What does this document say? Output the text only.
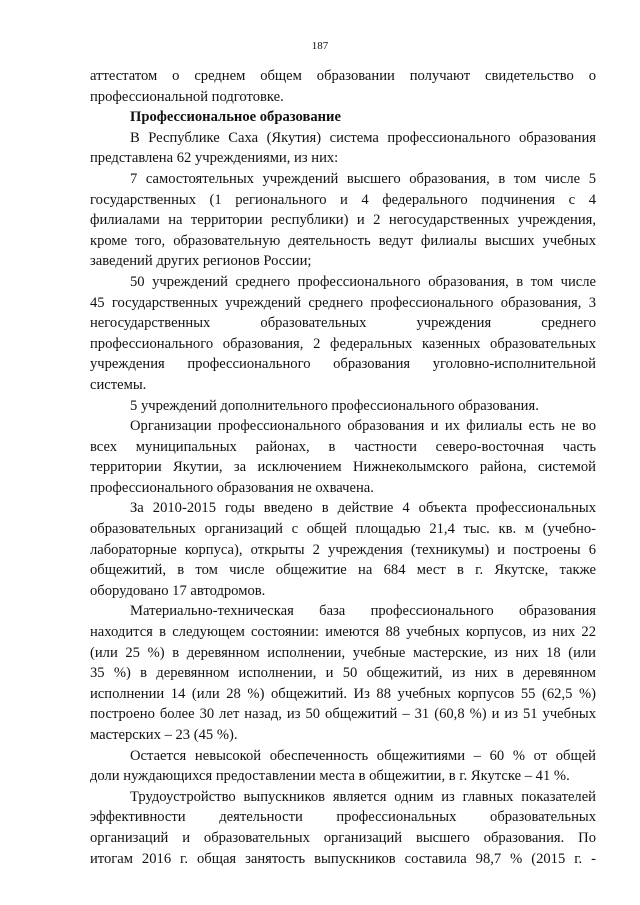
187
аттестатом о среднем общем образовании получают свидетельство о
профессиональной подготовке.
Профессиональное образование
В Республике Саха (Якутия) система профессионального образования
представлена 62 учреждениями, из них:
7 самостоятельных учреждений высшего образования, в том числе 5
государственных (1 регионального и 4 федерального подчинения с 4
филиалами на территории республики) и 2 негосударственных учреждения,
кроме того, образовательную деятельность ведут филиалы высших учебных
заведений других регионов России;
50 учреждений среднего профессионального образования, в том числе
45 государственных учреждений среднего профессионального образования, 3
негосударственных образовательных учреждения среднего
профессионального образования, 2 федеральных казенных образовательных
учреждения профессионального образования уголовно-исполнительной
системы.
5 учреждений дополнительного профессионального образования.
Организации профессионального образования и их филиалы есть не во
всех муниципальных районах, в частности северо-восточная часть
территории Якутии, за исключением Нижнеколымского района, системой
профессионального образования не охвачена.
За 2010-2015 годы введено в действие 4 объекта профессиональных
образовательных организаций с общей площадью 21,4 тыс. кв. м (учебно-
лабораторные корпуса), открыты 2 учреждения (техникумы) и построены 6
общежитий, в том числе общежитие на 684 мест в г. Якутске, также
оборудовано 17 автодромов.
Материально-техническая база профессионального образования
находится в следующем состоянии: имеются 88 учебных корпусов, из них 22
(или 25 %) в деревянном исполнении, учебные мастерские, из них 18 (или
35 %) в деревянном исполнении, и 50 общежитий, из них в деревянном
исполнении 14 (или 28 %) общежитий. Из 88 учебных корпусов 55 (62,5 %)
построено более 30 лет назад, из 50 общежитий – 31 (60,8 %) и из 51 учебных
мастерских – 23 (45 %).
Остается невысокой обеспеченность общежитиями – 60 % от общей
доли нуждающихся предоставлении места в общежитии, в г. Якутске – 41 %.
Трудоустройство выпускников является одним из главных показателей
эффективности деятельности профессиональных образовательных
организаций и образовательных организаций высшего образования. По
итогам 2016 г. общая занятость выпускников составила 98,7 % (2015 г. -
